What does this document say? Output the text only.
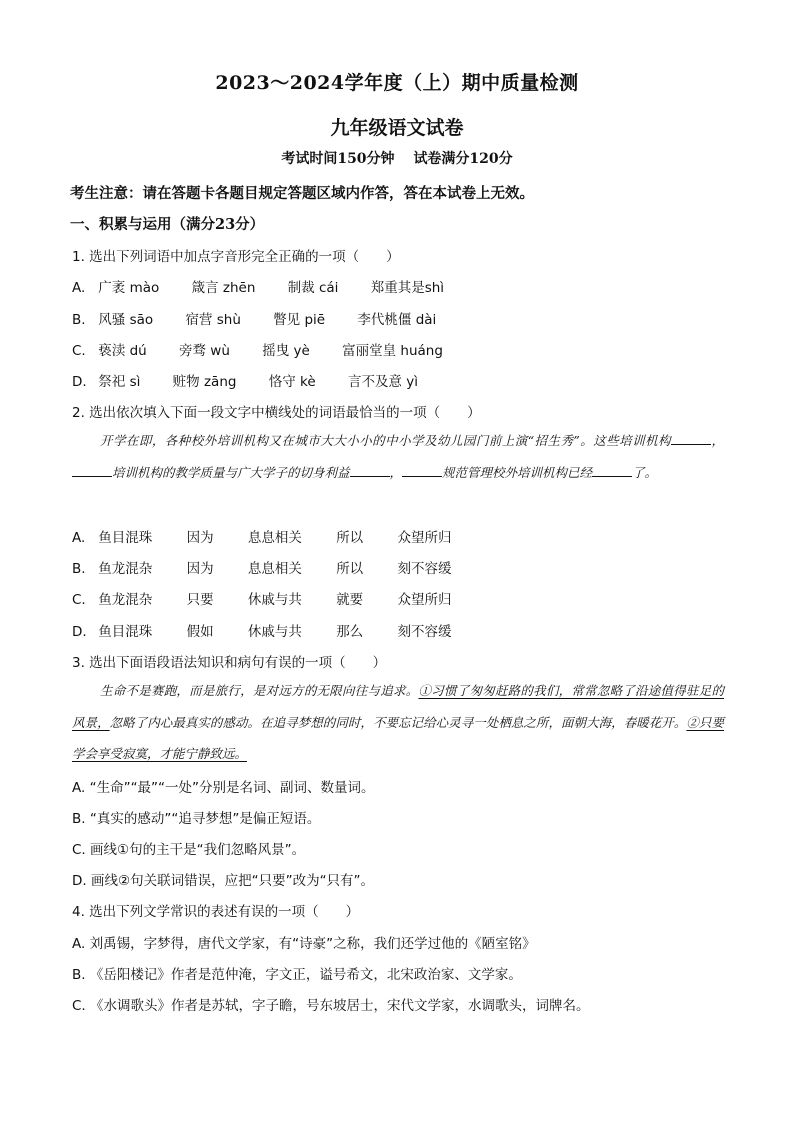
2023～2024学年度（上）期中质量检测
九年级语文试卷
考试时间150分钟 试卷满分120分
考生注意：请在答题卡各题目规定答题区域内作答，答在本试卷上无效。
一、积累与运用（满分23分）
1. 选出下列词语中加点字音形完全正确的一项（　　）
A. 广袤 mào 箴言 zhēn 制裁 cái 郑重其是shì
B. 风骚 sāo 宿营 shù 瞥见 piē 李代桃僵 dài
C. 亵渎 dú 旁骛 wù 摇曳 yè 富丽堂皇 huáng
D. 祭祀 sì 赃物 zāng 恪守 kè 言不及意 yì
2. 选出依次填入下面一段文字中横线处的词语最恰当的一项（　　）

开学在即，各种校外培训机构又在城市大大小小的中小学及幼儿园门前上演“招生秀”。这些培训机构	，培训机构的教学质量与广大学子的切身利益	，	规范管理校外培训机构已经	了。

A. 鱼目混珠	因为	息息相关	所以	众望所归
B. 鱼龙混杂	因为	息息相关	所以	刻不容缓
C. 鱼龙混杂	只要	休戚与共	就要	众望所归
D. 鱼目混珠	假如	休戚与共	那么	刻不容缓
3. 选出下面语段语法知识和病句有误的一项（　　）

生命不是赛跑，而是旅行，是对远方的无限向往与追求。①习惯了匆匆赶路的我们，常常忽略了沿途值得驻足的风景，忽略了内心最真实的感动。在追寻梦想的同时，不要忘记给心灵寻一处栖息之所，面朝大海，春暖花开。②只要学会享受寂寞，才能宁静致远。

A. “生命”“最”“一处”分别是名词、副词、数量词。
B. “真实的感动”“追寻梦想”是偏正短语。
C. 画线①句的主干是“我们忽略风景”。
D. 画线②句关联词错误，应把“只要”改为“只有”。
4. 选出下列文学常识的表述有误的一项（　　）
A. 刘禹锡，字梦得，唐代文学家，有“诗豪”之称，我们还学过他的《陋室铭》
B. 《岳阳楼记》作者是范仲淹，字文正，谥号希文，北宋政治家、文学家。
C. 《水调歌头》作者是苏轼，字子瞻，号东坡居士，宋代文学家，水调歌头，词牌名。
